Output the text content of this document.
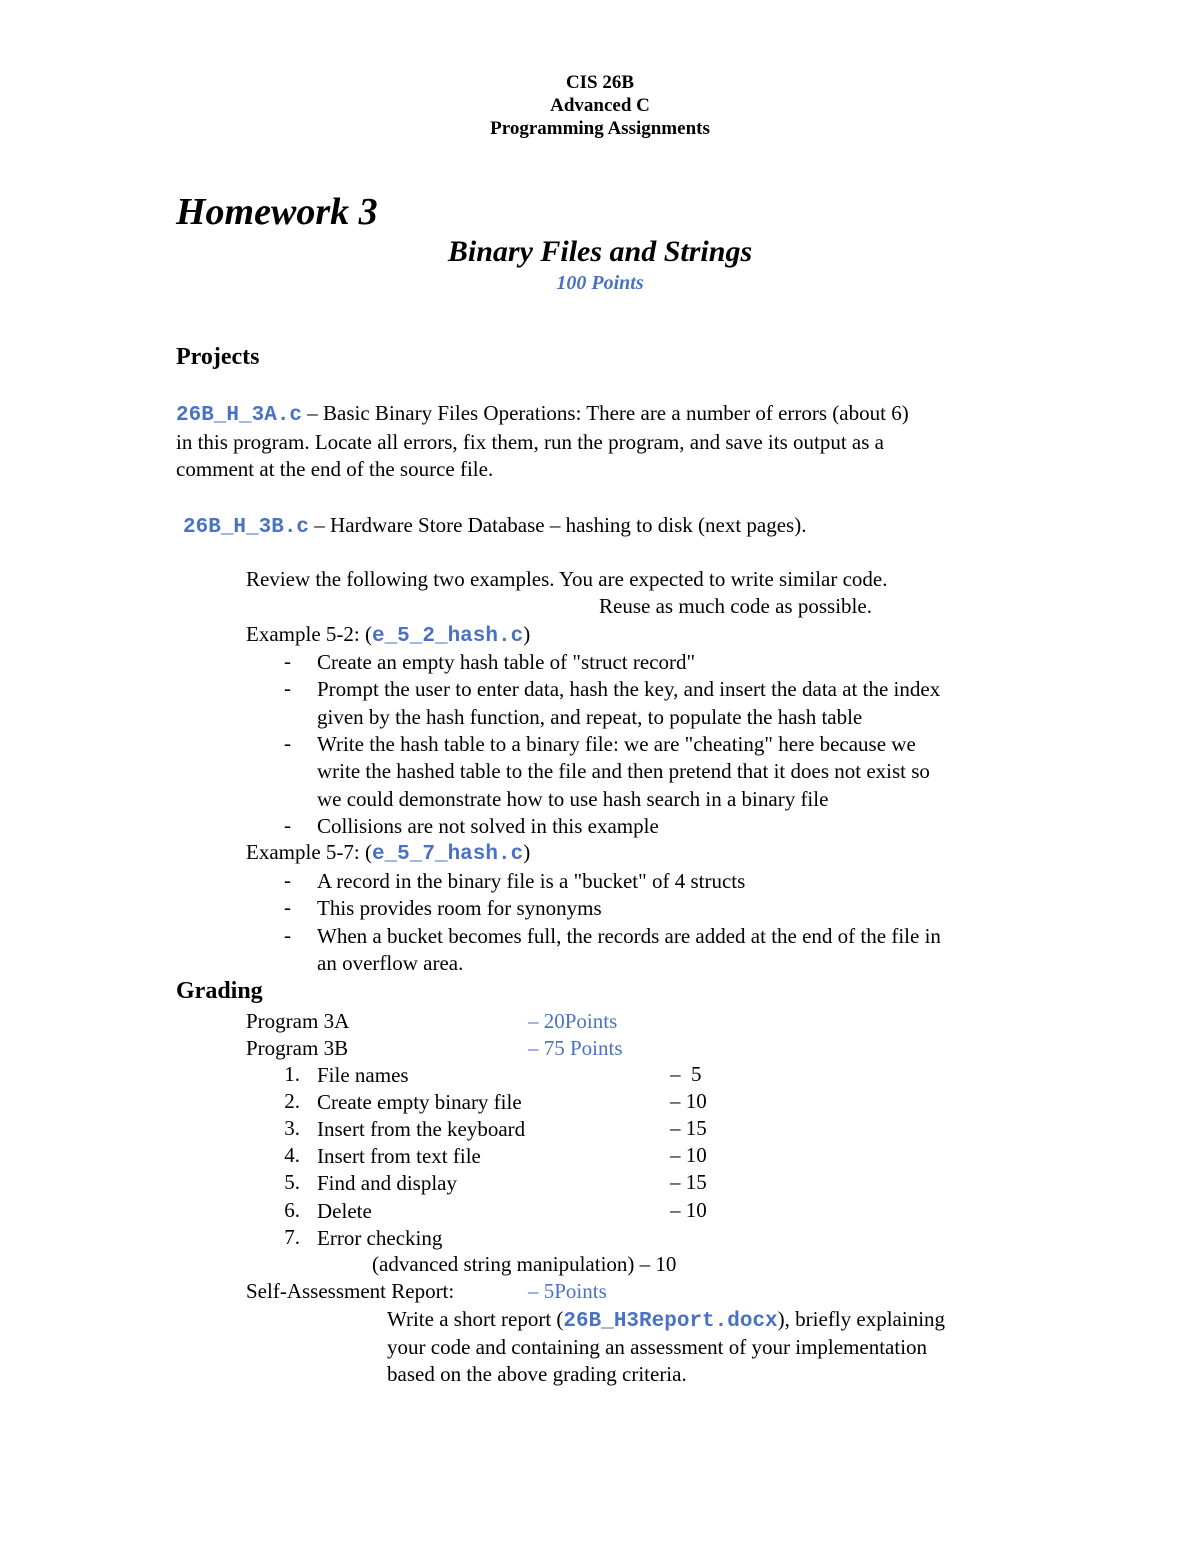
CIS 26B
Advanced C
Programming Assignments
Homework 3
Binary Files and Strings
100 Points
Projects
26B_H_3A.c – Basic Binary Files Operations: There are a number of errors (about 6)
in this program. Locate all errors, fix them, run the program, and save its output as a
comment at the end of the source file.
26B_H_3B.c – Hardware Store Database – hashing to disk (next pages).
Review the following two examples. You are expected to write similar code.
Reuse as much code as possible.
Example 5-2: (e_5_2_hash.c)
- Create an empty hash table of "struct record"
- Prompt the user to enter data, hash the key, and insert the data at the index
given by the hash function, and repeat, to populate the hash table
- Write the hash table to a binary file: we are "cheating" here because we
write the hashed table to the file and then pretend that it does not exist so
we could demonstrate how to use hash search in a binary file
- Collisions are not solved in this example
Example 5-7: (e_5_7_hash.c)
- A record in the binary file is a "bucket" of 4 structs
- This provides room for synonyms
- When a bucket becomes full, the records are added at the end of the file in
an overflow area.
Grading
Program 3A	– 20Points
Program 3B	– 75 Points
1. File names	–  5
2. Create empty binary file	– 10
3. Insert from the keyboard	– 15
4. Insert from text file	– 10
5. Find and display	– 15
6. Delete	– 10
7. Error checking
(advanced string manipulation) – 10
Self-Assessment Report:	– 5Points
Write a short report (26B_H3Report.docx), briefly explaining
your code and containing an assessment of your implementation
based on the above grading criteria.
